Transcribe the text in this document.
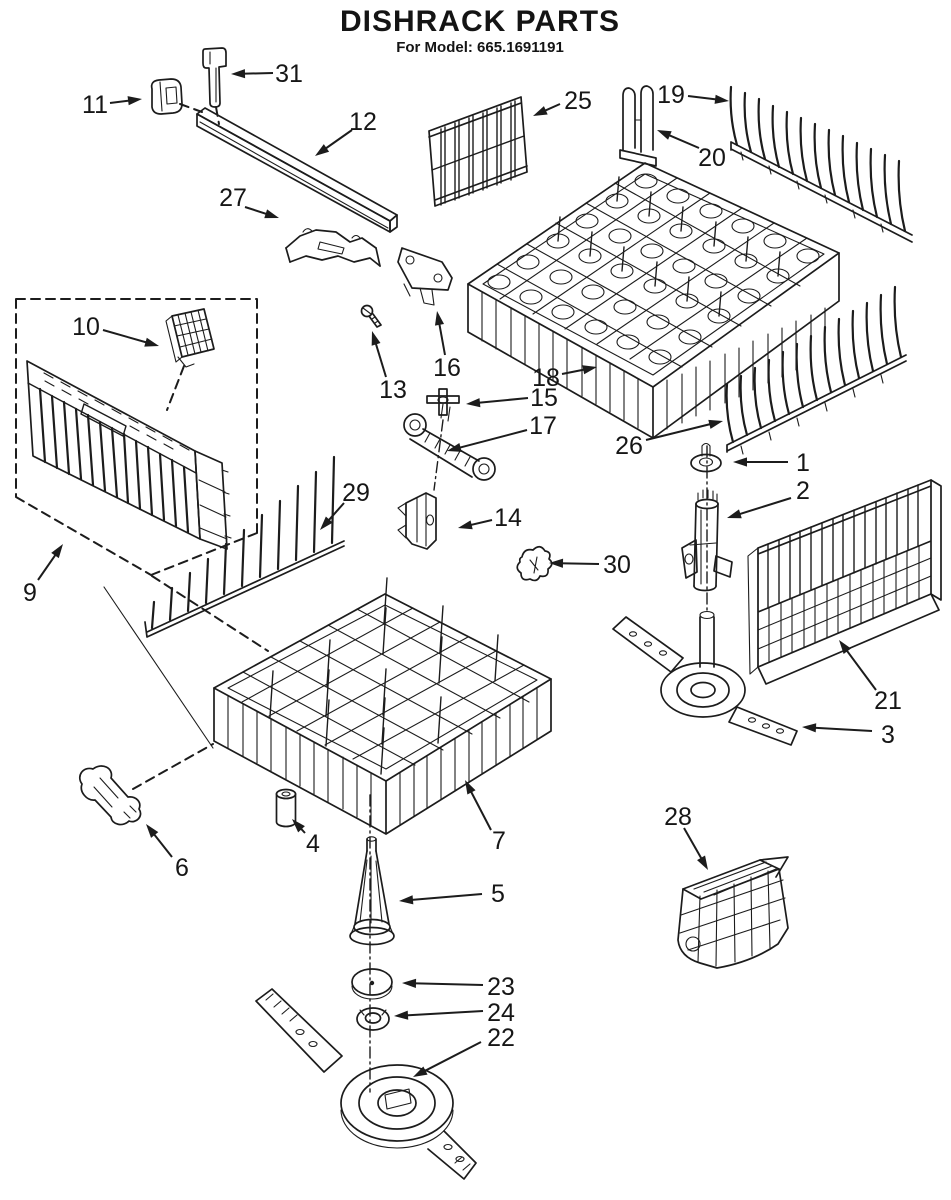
DISHRACK PARTS
For Model: 665.1691191
11
31
12
27
25	19
20
18
15
17
16
13
26
1
2
30
14
29
9
10
21
3
7
4
6
5
23
24
22
28
